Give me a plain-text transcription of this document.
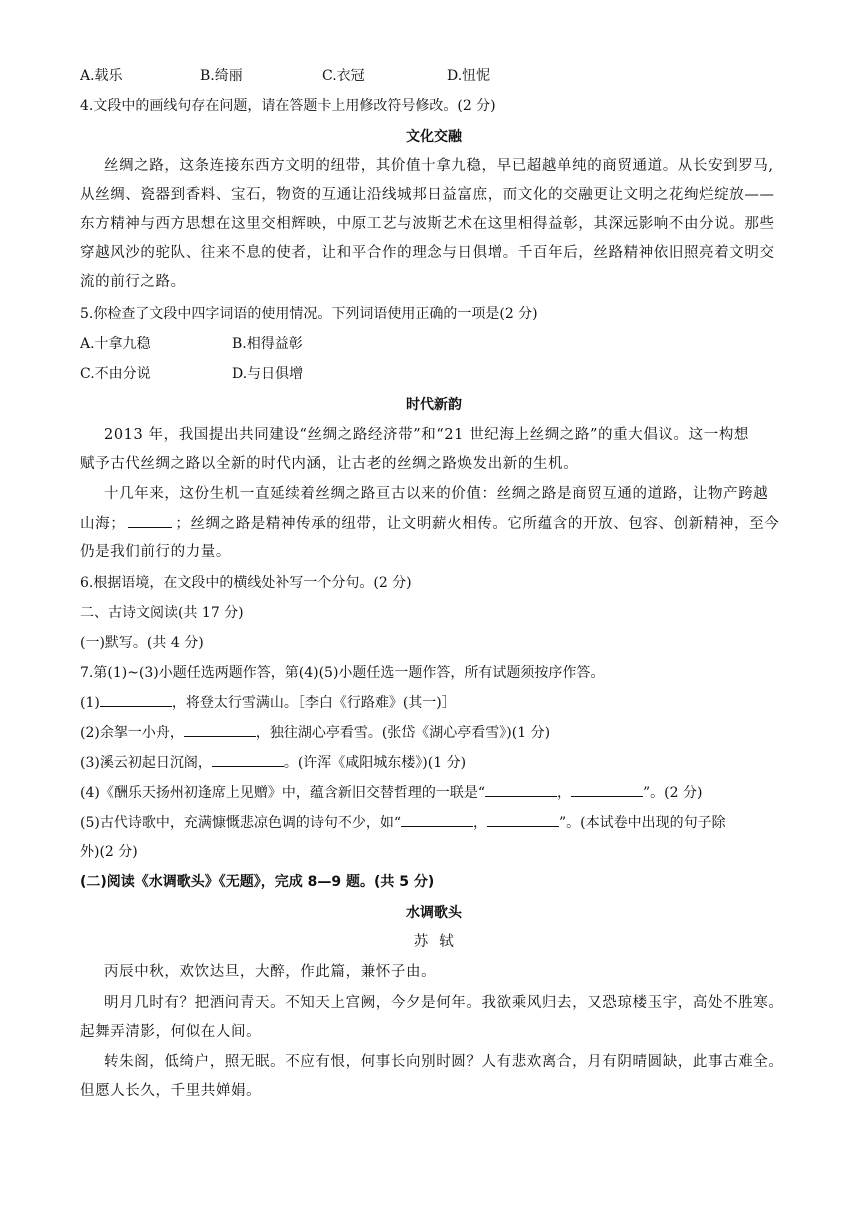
A.载乐	B.绮丽	C.衣冠	D.忸怩
4.文段中的画线句存在问题，请在答题卡上用修改符号修改。(2 分)
文化交融
丝绸之路，这条连接东西方文明的纽带，其价值十拿九稳，早已超越单纯的商贸通道。从长安到罗马,
从丝绸、瓷器到香料、宝石，物资的互通让沿线城邦日益富庶，而文化的交融更让文明之花绚烂绽放——
东方精神与西方思想在这里交相辉映，中原工艺与波斯艺术在这里相得益彰，其深远影响不由分说。那些
穿越风沙的驼队、往来不息的使者，让和平合作的理念与日俱增。千百年后，丝路精神依旧照亮着文明交
流的前行之路。
5.你检查了文段中四字词语的使用情况。下列词语使用正确的一项是(2 分)
A.十拿九稳	B.相得益彰
C.不由分说	D.与日俱增
时代新韵
2013 年，我国提出共同建设“丝绸之路经济带”和“21 世纪海上丝绸之路”的重大倡议。这一构想
赋予古代丝绸之路以全新的时代内涵，让古老的丝绸之路焕发出新的生机。
十几年来，这份生机一直延续着丝绸之路亘古以来的价值：丝绸之路是商贸互通的道路，让物产跨越
山海；	；丝绸之路是精神传承的纽带，让文明薪火相传。它所蕴含的开放、包容、创新精神，至今
仍是我们前行的力量。
6.根据语境，在文段中的横线处补写一个分句。(2 分)
二、古诗文阅读(共 17 分)
(一)默写。(共 4 分)
7.第(1)~(3)小题任选两题作答，第(4)(5)小题任选一题作答，所有试题须按序作答。
(1)	，将登太行雪满山。［李白《行路难》(其一)］
(2)余挐一小舟，	，独往湖心亭看雪。(张岱《湖心亭看雪》)(1 分)
(3)溪云初起日沉阁，	。(许浑《咸阳城东楼》)(1 分)
(4)《酬乐天扬州初逢席上见赠》中，蕴含新旧交替哲理的一联是“	，	”。(2 分)
(5)古代诗歌中，充满慷慨悲凉色调的诗句不少，如“	，	”。(本试卷中出现的句子除
外)(2 分)
(二)阅读《水调歌头》《无题》，完成 8—9 题。(共 5 分)
水调歌头
苏  轼
丙辰中秋，欢饮达旦，大醉，作此篇，兼怀子由。
明月几时有？把酒问青天。不知天上宫阙，今夕是何年。我欲乘风归去，又恐琼楼玉宇，高处不胜寒。
起舞弄清影，何似在人间。
转朱阁，低绮户，照无眠。不应有恨，何事长向别时圆？人有悲欢离合，月有阴晴圆缺，此事古难全。
但愿人长久，千里共婵娟。
